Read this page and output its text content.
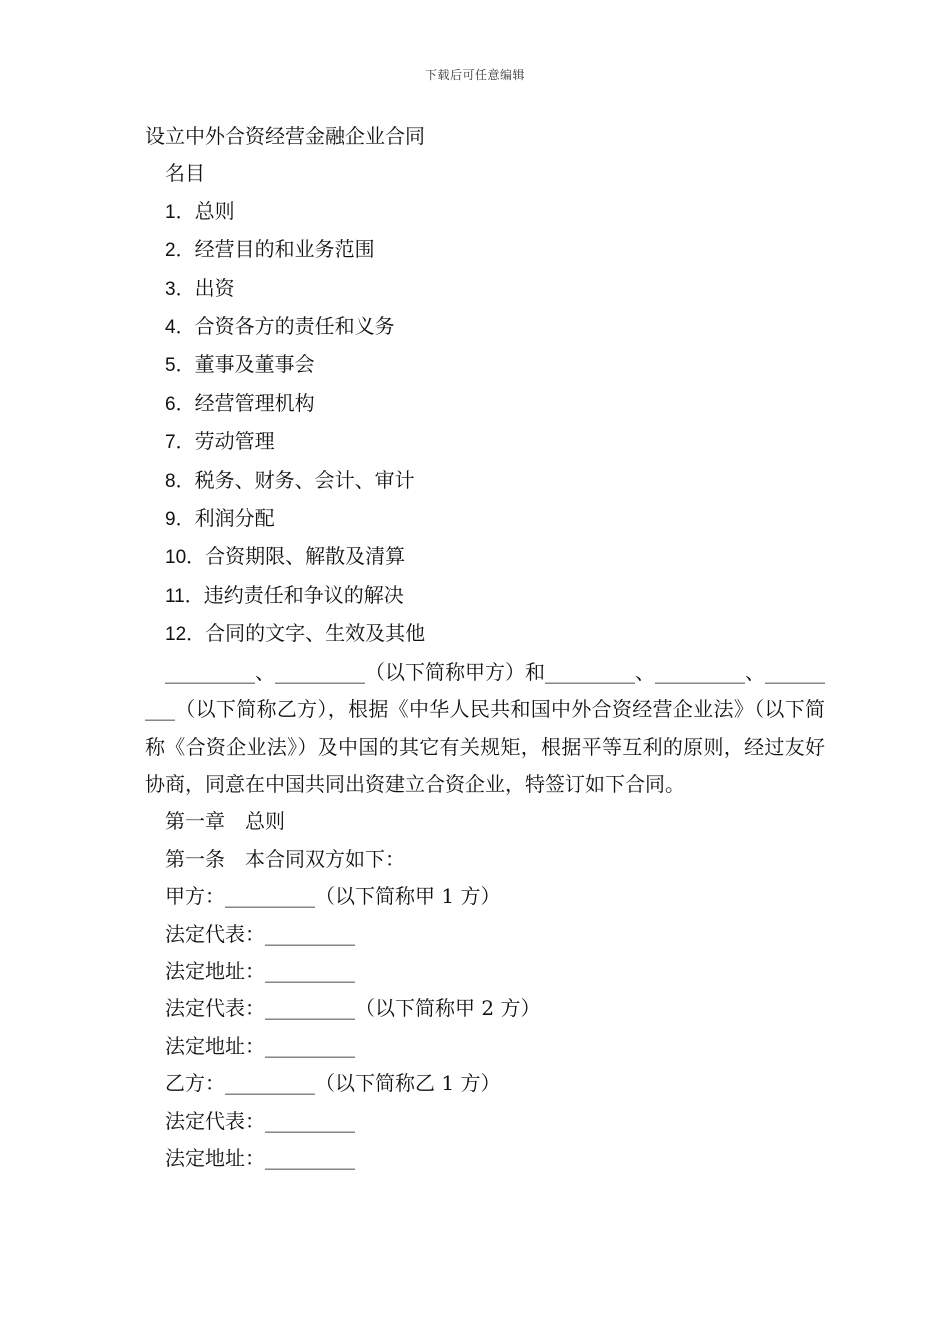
下载后可任意编辑
设立中外合资经营金融企业合同
名目
1．总则
2．经营目的和业务范围
3．出资
4．合资各方的责任和义务
5．董事及董事会
6．经营管理机构
7．劳动管理
8．税务、财务、会计、审计
9．利润分配
10．合资期限、解散及清算
11．违约责任和争议的解决
12．合同的文字、生效及其他
_________、_________（以下简称甲方）和_________、_________、_________（以下简称乙方），根据《中华人民共和国中外合资经营企业法》（以下简称《合资企业法》）及中国的其它有关规矩，根据平等互利的原则，经过友好协商，同意在中国共同出资建立合资企业，特签订如下合同。
第一章　总则
第一条　本合同双方如下：
甲方：_________（以下简称甲 1 方）
法定代表：_________
法定地址：_________
法定代表：_________（以下简称甲 2 方）
法定地址：_________
乙方：_________（以下简称乙 1 方）
法定代表：_________
法定地址：_________
